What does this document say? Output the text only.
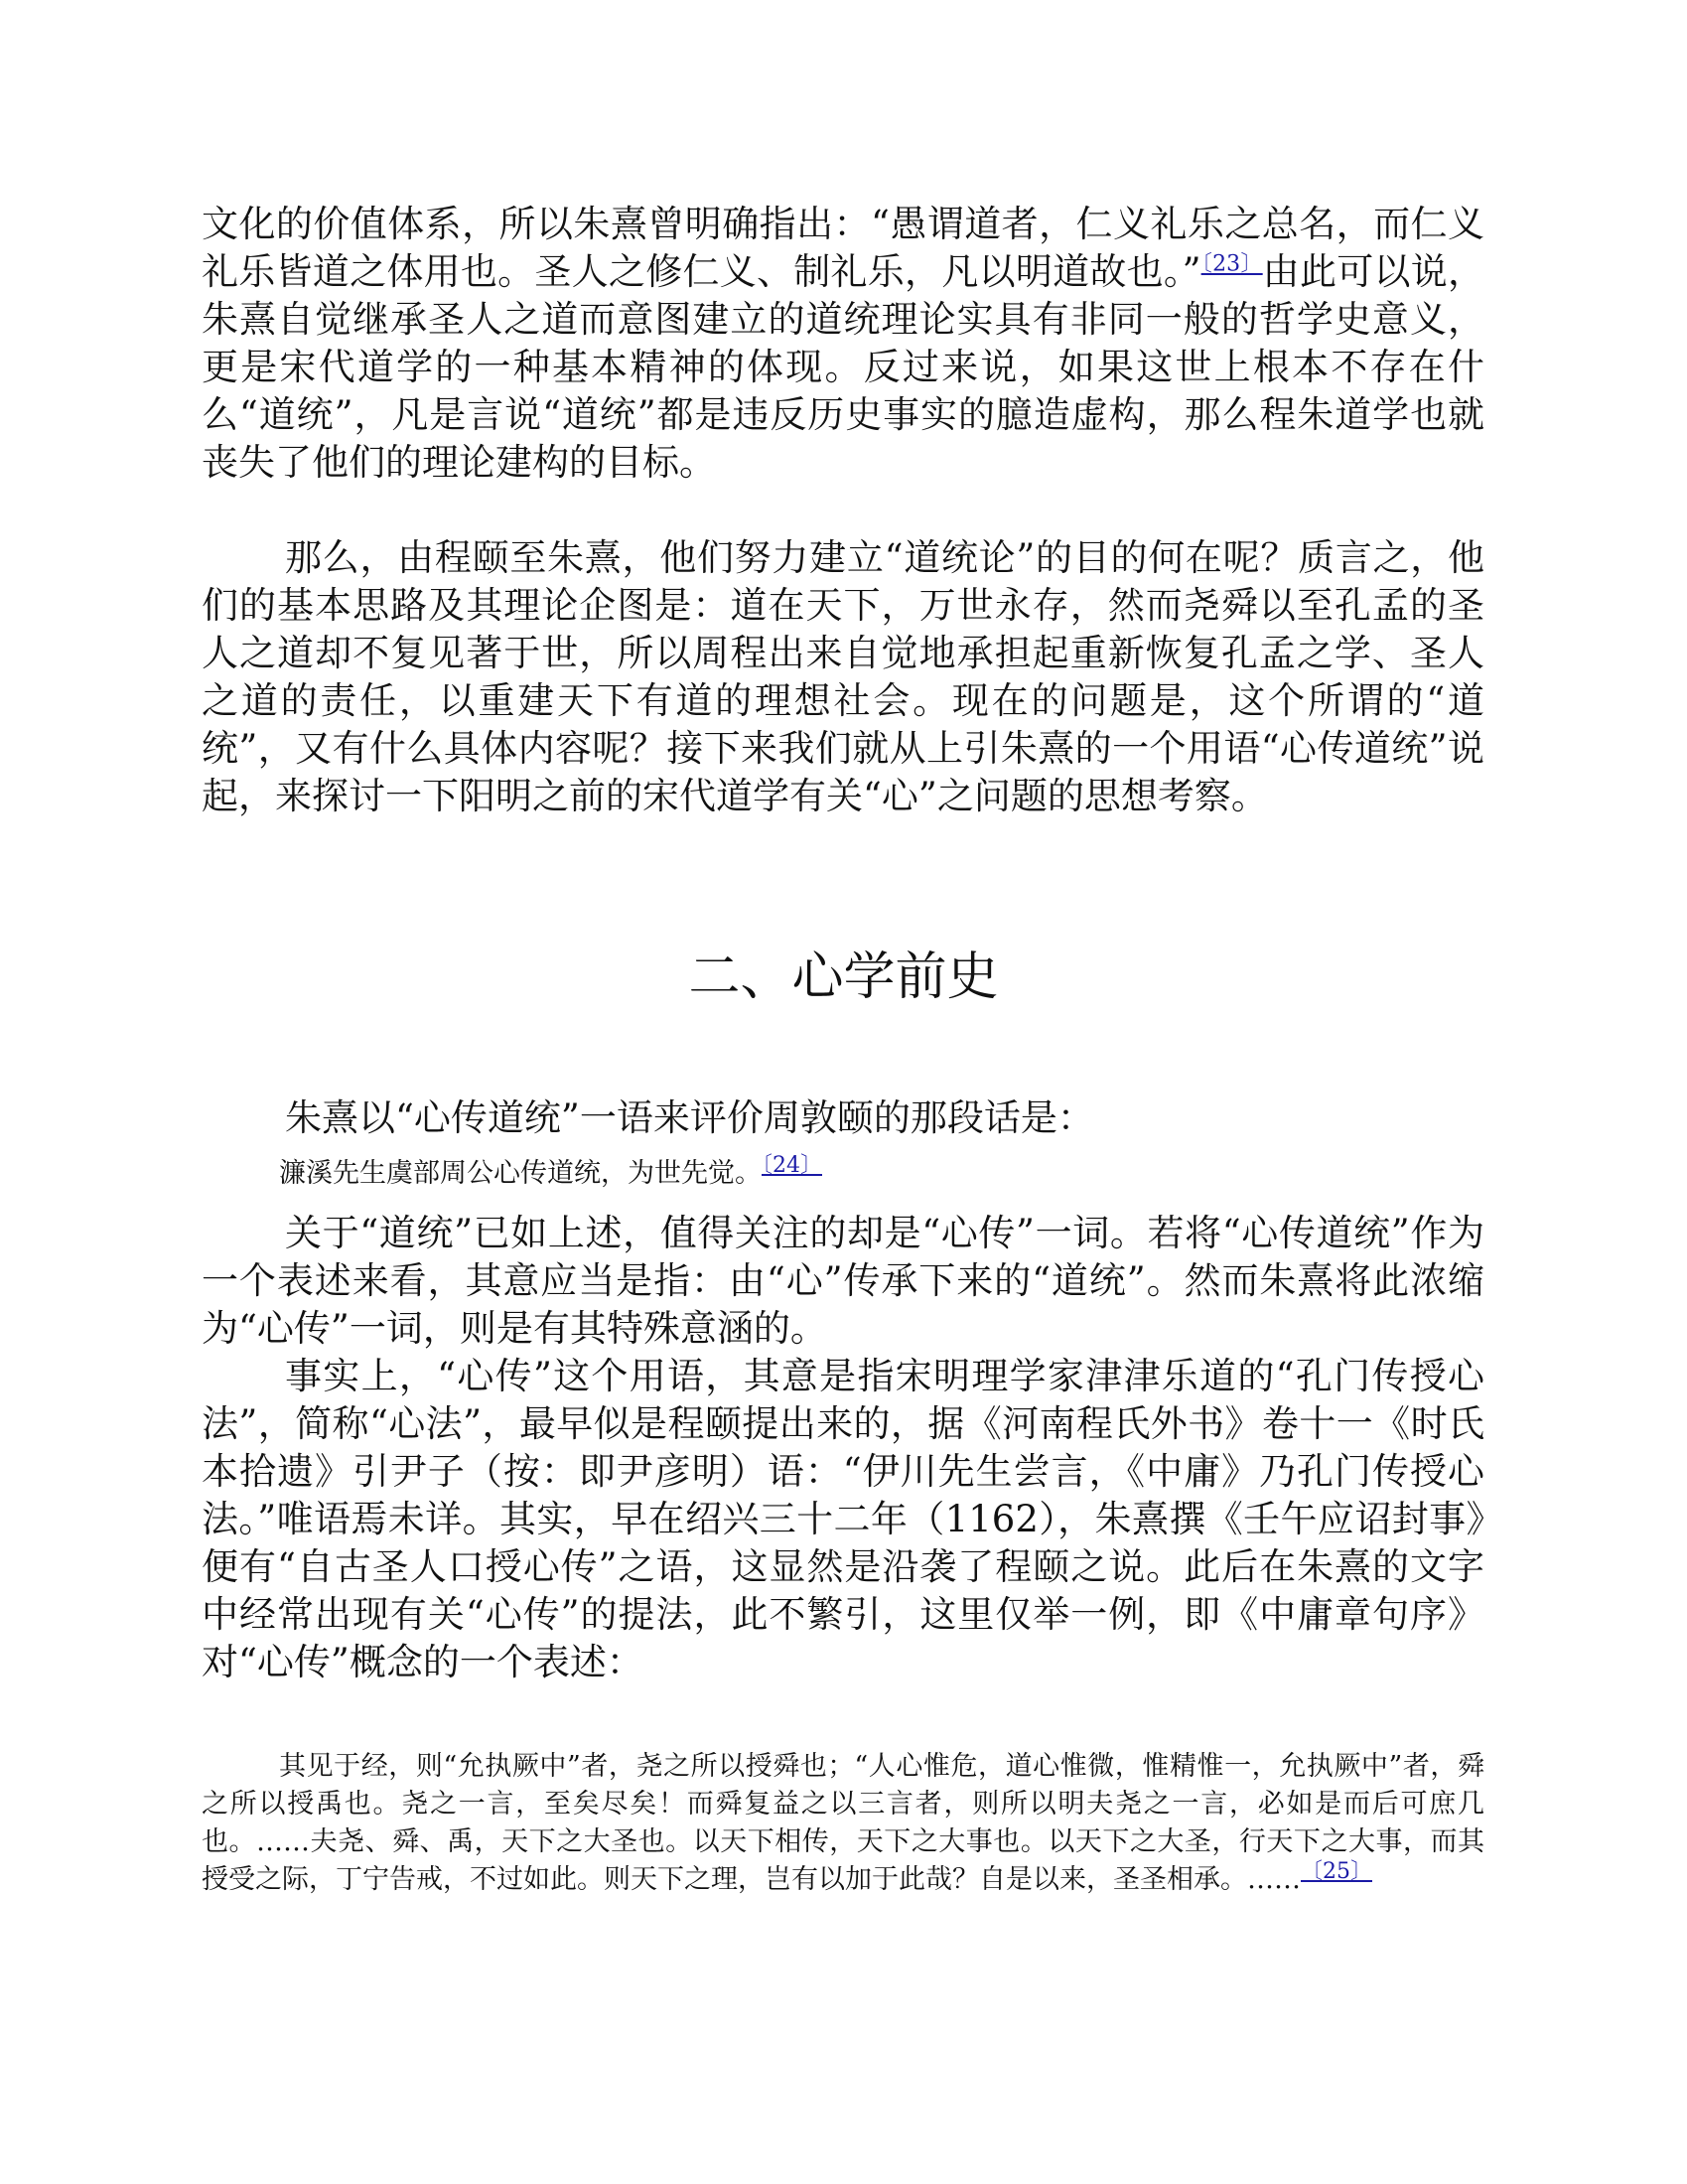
文化的价值体系，所以朱熹曾明确指出：“愚谓道者，仁义礼乐之总名，而仁义礼乐皆道之体用也。圣人之修仁义、制礼乐，凡以明道故也。”$^{〔23〕}$由此可以说，朱熹自觉继承圣人之道而意图建立的道统理论实具有非同一般的哲学史意义，更是宋代道学的一种基本精神的体现。反过来说，如果这世上根本不存在什么“道统”，凡是言说“道统”都是违反历史事实的臆造虚构，那么程朱道学也就丧失了他们的理论建构的目标。

那么，由程颐至朱熹，他们努力建立“道统论”的目的何在呢？质言之，他们的基本思路及其理论企图是：道在天下，万世永存，然而尧舜以至孔孟的圣人之道却不复见著于世，所以周程出来自觉地承担起重新恢复孔孟之学、圣人之道的责任，以重建天下有道的理想社会。现在的问题是，这个所谓的“道统”，又有什么具体内容呢？接下来我们就从上引朱熹的一个用语“心传道统”说起，来探讨一下阳明之前的宋代道学有关“心”之问题的思想考察。

二、心学前史

朱熹以“心传道统”一语来评价周敦颐的那段话是：

濂溪先生虞部周公心传道统，为世先觉。$^{〔24〕}$

关于“道统”已如上述，值得关注的却是“心传”一词。若将“心传道统”作为一个表述来看，其意应当是指：由“心”传承下来的“道统”。然而朱熹将此浓缩为“心传”一词，则是有其特殊意涵的。

事实上，“心传”这个用语，其意是指宋明理学家津津乐道的“孔门传授心法”，简称“心法”，最早似是程颐提出来的，据《河南程氏外书》卷十一《时氏本拾遗》引尹子（按：即尹彦明）语：“伊川先生尝言，《中庸》乃孔门传授心法。”唯语焉未详。其实，早在绍兴三十二年（1162），朱熹撰《壬午应诏封事》便有“自古圣人口授心传”之语，这显然是沿袭了程颐之说。此后在朱熹的文字中经常出现有关“心传”的提法，此不繁引，这里仅举一例，即《中庸章句序》对“心传”概念的一个表述：

其见于经，则“允执厥中”者，尧之所以授舜也；“人心惟危，道心惟微，惟精惟一，允执厥中”者，舜之所以授禹也。尧之一言，至矣尽矣！而舜复益之以三言者，则所以明夫尧之一言，必如是而后可庶几也。……夫尧、舜、禹，天下之大圣也。以天下相传，天下之大事也。以天下之大圣，行天下之大事，而其授受之际，丁宁告戒，不过如此。则天下之理，岂有以加于此哉？自是以来，圣圣相承。……$^{〔25〕}$
